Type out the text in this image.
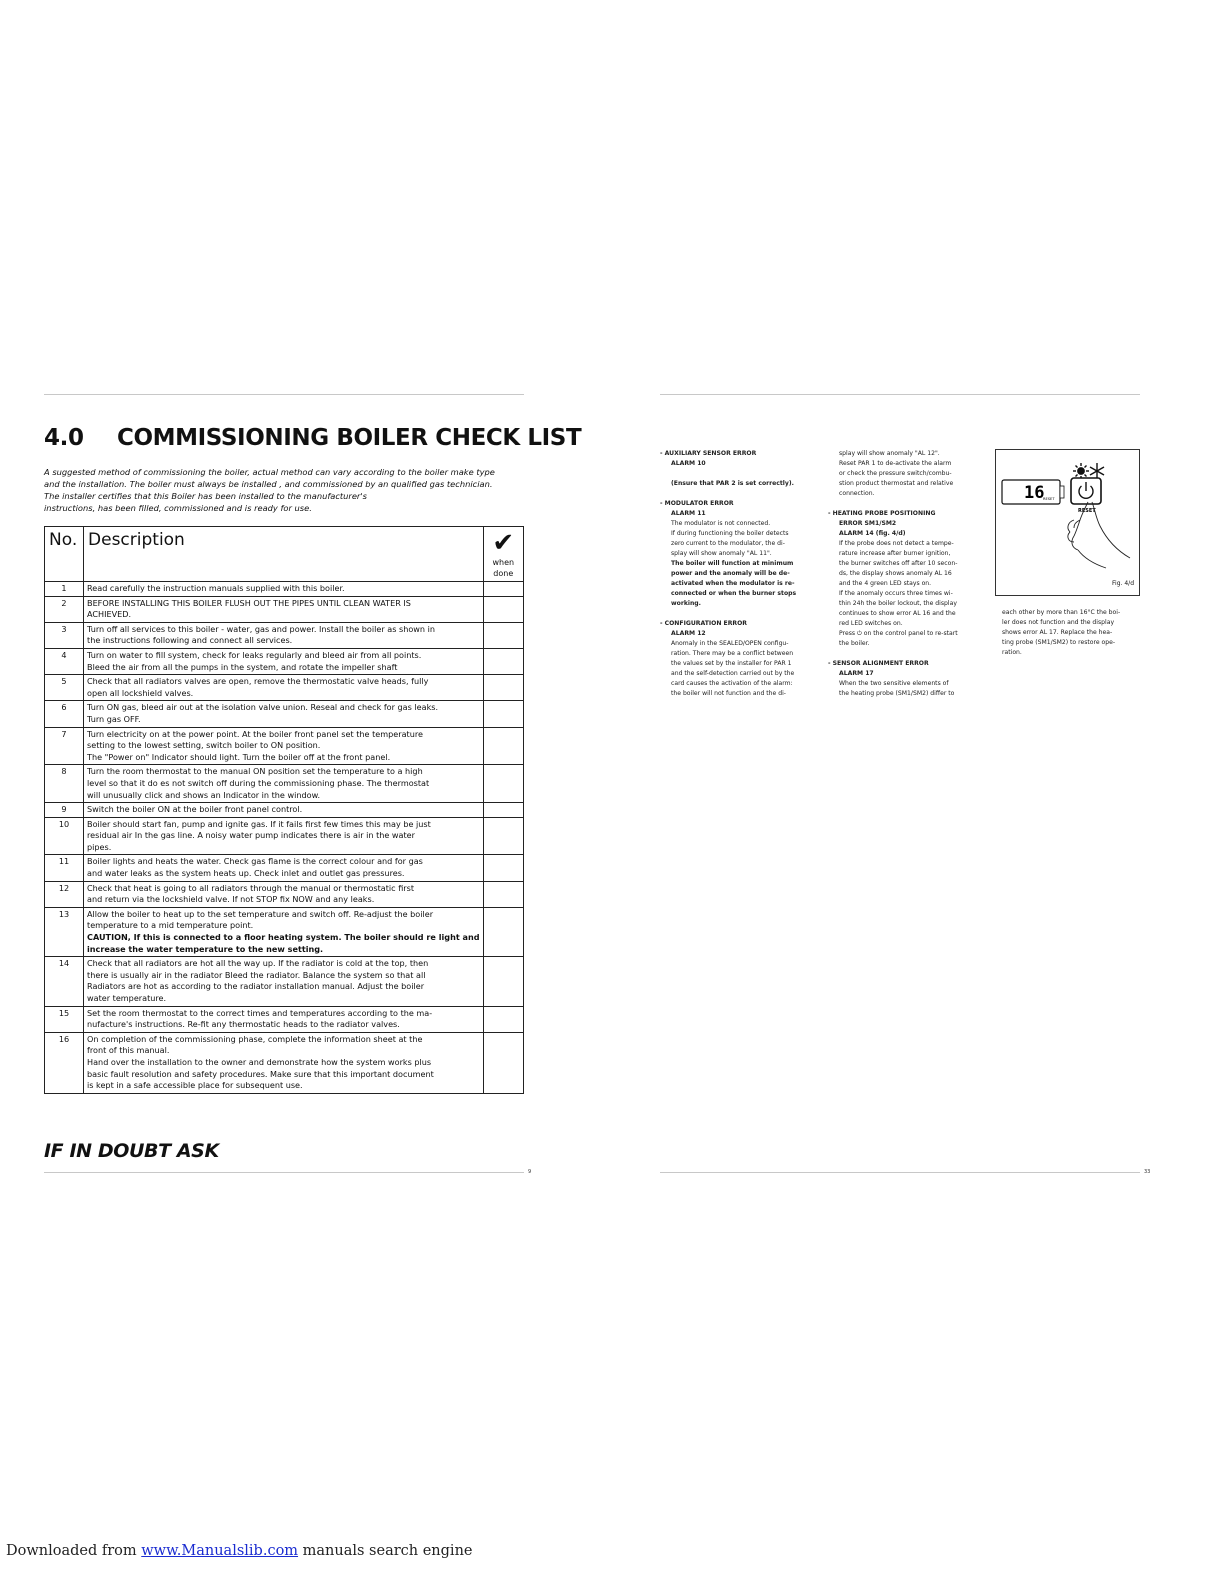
4.0 COMMISSIONING BOILER CHECK LIST
A suggested method of commissioning the boiler, actual method can vary according to the boiler make type
and the installation. The boiler must always be installed , and commissioned by an qualified gas technician.
The installer certifies that this Boiler has been installed to the manufacturer's
instructions, has been filled, commissioned and is ready for use.
No.	Description	✔
when
done

1	Read carefully the instruction manuals supplied with this boiler.	

2	BEFORE INSTALLING THIS BOILER FLUSH OUT THE PIPES UNTIL CLEAN WATER IS
ACHIEVED.	

3	Turn off all services to this boiler - water, gas and power. Install the boiler as shown in
the instructions following and connect all services.	

4	Turn on water to fill system, check for leaks regularly and bleed air from all points.
Bleed the air from all the pumps in the system, and rotate the impeller shaft	

5	Check that all radiators valves are open, remove the thermostatic valve heads, fully
open all lockshield valves.	

6	Turn ON gas, bleed air out at the isolation valve union. Reseal and check for gas leaks.
Turn gas OFF.	

7	Turn electricity on at the power point. At the boiler front panel set the temperature
setting to the lowest setting, switch boiler to ON position.
The "Power on" Indicator should light. Turn the boiler off at the front panel.	

8	Turn the room thermostat to the manual ON position set the temperature to a high
level so that it do es not switch off during the commissioning phase. The thermostat
will unusually click and shows an Indicator in the window.	

9	Switch the boiler ON at the boiler front panel control.	

10	Boiler should start fan, pump and ignite gas. If it fails first few times this may be just
residual air In the gas line. A noisy water pump indicates there is air in the water
pipes.	

11	Boiler lights and heats the water. Check gas flame is the correct colour and for gas
and water leaks as the system heats up. Check inlet and outlet gas pressures.	

12	Check that heat is going to all radiators through the manual or thermostatic first
and return via the lockshield valve. If not STOP fix NOW and any leaks.	

13	Allow the boiler to heat up to the set temperature and switch off. Re-adjust the boiler
temperature to a mid temperature point.
CAUTION, If this is connected to a floor heating system. The boiler should re light and
increase the water temperature to the new setting.	

14	Check that all radiators are hot all the way up. If the radiator is cold at the top, then
there is usually air in the radiator Bleed the radiator. Balance the system so that all
Radiators are hot as according to the radiator installation manual. Adjust the boiler
water temperature.	

15	Set the room thermostat to the correct times and temperatures according to the ma-
nufacture's instructions. Re-fit any thermostatic heads to the radiator valves.	

16	On completion of the commissioning phase, complete the information sheet at the
front of this manual.
Hand over the installation to the owner and demonstrate how the system works plus
basic fault resolution and safety procedures. Make sure that this important document
is kept in a safe accessible place for subsequent use.	

IF IN DOUBT ASK
9
- AUXILIARY SENSOR ERROR
ALARM 10
(Ensure that PAR 2 is set correctly).
- MODULATOR ERROR
ALARM 11
The modulator is not connected.
If during functioning the boiler detects
zero current to the modulator, the di-
splay will show anomaly "AL 11".
The boiler will function at minimum
power and the anomaly will be de-
activated when the modulator is re-
connected or when the burner stops
working.
- CONFIGURATION ERROR
ALARM 12
Anomaly in the SEALED/OPEN configu-
ration. There may be a conflict between
the values set by the installer for PAR 1
and the self-detection carried out by the
card causes the activation of the alarm:
the boiler will not function and the di-
splay will show anomaly "AL 12".
Reset PAR 1 to de-activate the alarm
or check the pressure switch/combu-
stion product thermostat and relative
connection.
- HEATING PROBE POSITIONING
ERROR SM1/SM2
ALARM 14 (fig. 4/d)
If the probe does not detect a tempe-
rature increase after burner ignition,
the burner switches off after 10 secon-
ds, the display shows anomaly AL 16
and the 4 green LED stays on.
If the anomaly occurs three times wi-
thin 24h the boiler lockout, the display
continues to show error AL 16 and the
red LED switches on.
Press ⏻ on the control panel to re-start
the boiler.
- SENSOR ALIGNMENT ERROR
ALARM 17
When the two sensitive elements of
the heating probe (SM1/SM2) differ to
16
RESET
RESET
Fig. 4/d
each other by more than 16°C the boi-
ler does not function and the display
shows error AL 17. Replace the hea-
ting probe (SM1/SM2) to restore ope-
ration.
33
Downloaded from www.Manualslib.com manuals search engine
